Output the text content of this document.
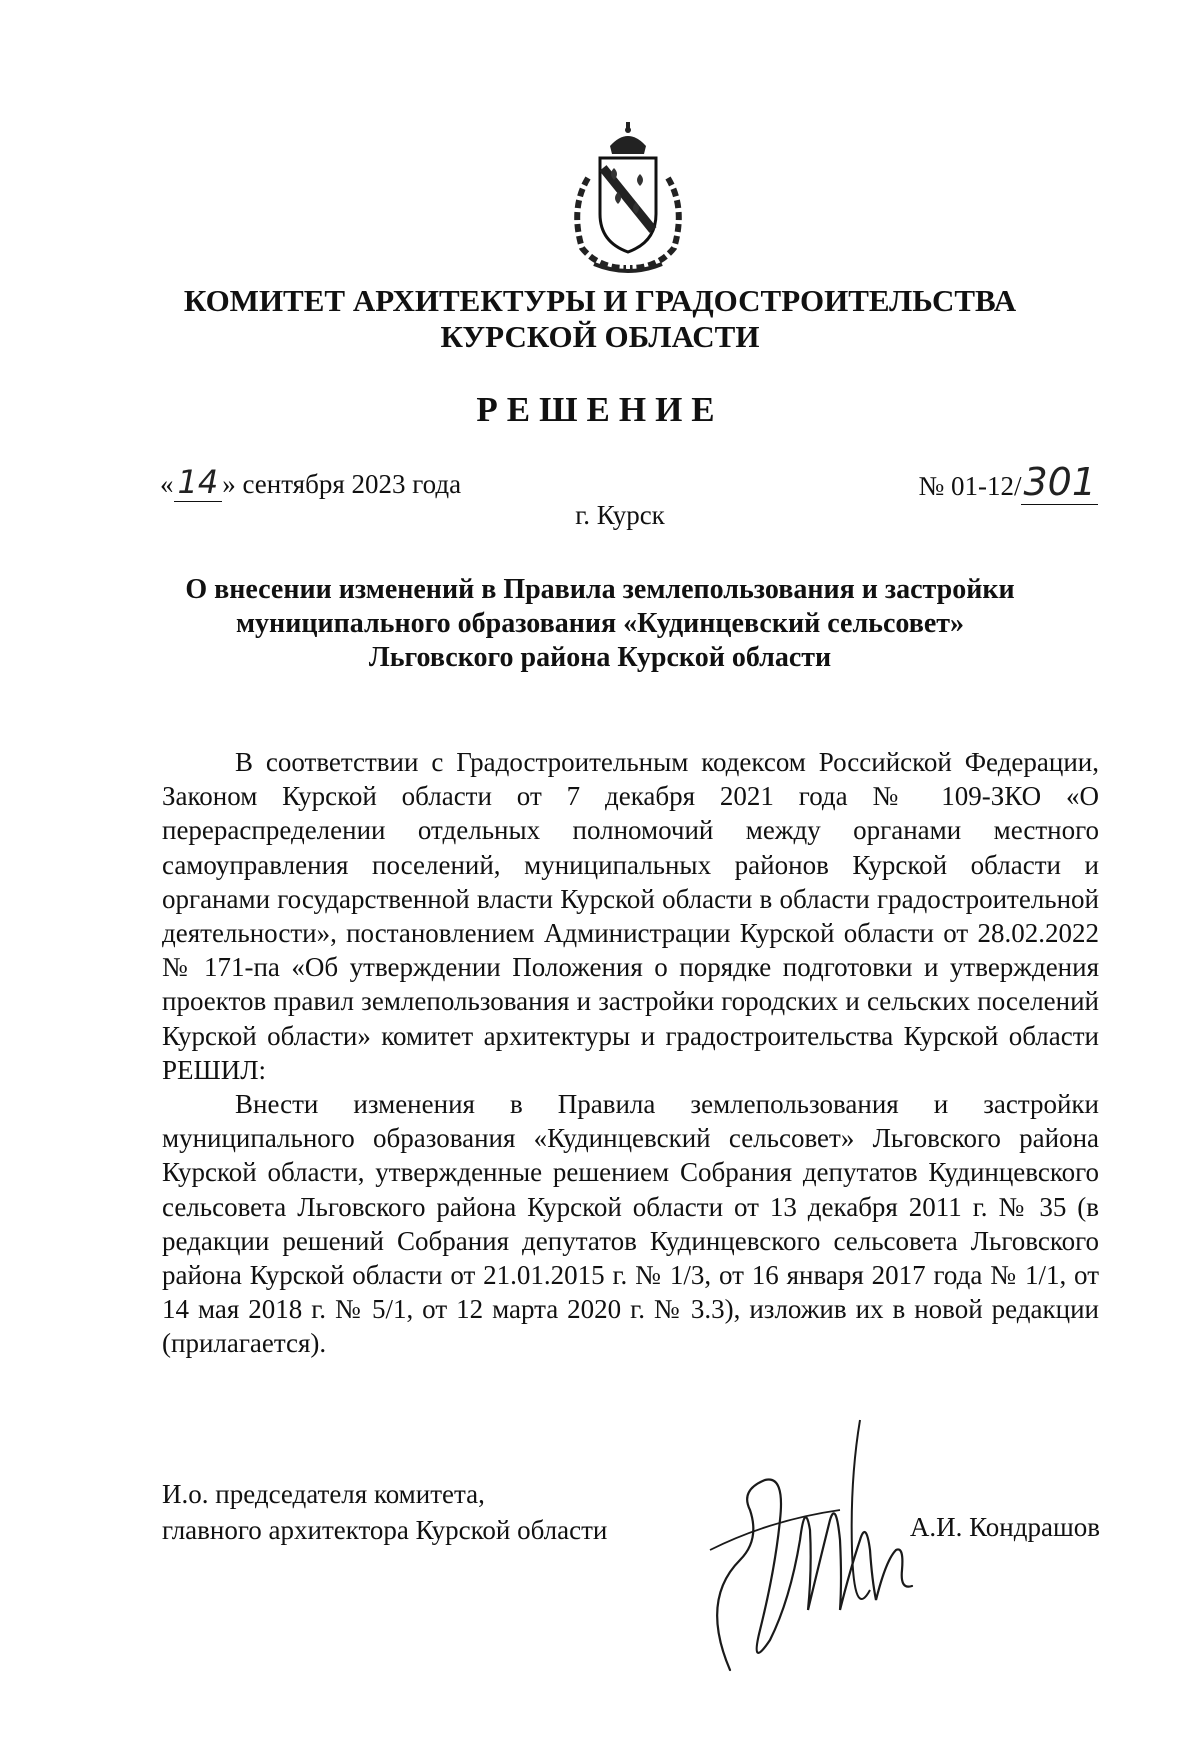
КОМИТЕТ АРХИТЕКТУРЫ И ГРАДОСТРОИТЕЛЬСТВА
КУРСКОЙ ОБЛАСТИ
РЕШЕНИЕ
« 14 » сентября 2023 года	№ 01-12/301
г. Курск
О внесении изменений в Правила землепользования и застройки
муниципального образования «Кудинцевский сельсовет»
Льговского района Курской области

В соответствии с Градостроительным кодексом Российской Федерации, Законом Курской области от 7 декабря 2021 года № 109-ЗКО «О перераспределении отдельных полномочий между органами местного самоуправления поселений, муниципальных районов Курской области и органами государственной власти Курской области в области градостроительной деятельности», постановлением Администрации Курской области от 28.02.2022 № 171-па «Об утверждении Положения о порядке подготовки и утверждения проектов правил землепользования и застройки городских и сельских поселений Курской области» комитет архитектуры и градостроительства Курской области РЕШИЛ:

Внести изменения в Правила землепользования и застройки муниципального образования «Кудинцевский сельсовет» Льговского района Курской области, утвержденные решением Собрания депутатов Кудинцевского сельсовета Льговского района Курской области от 13 декабря 2011 г. № 35 (в редакции решений Собрания депутатов Кудинцевского сельсовета Льговского района Курской области от 21.01.2015 г. № 1/3, от 16 января 2017 года № 1/1, от 14 мая 2018 г. № 5/1, от 12 марта 2020 г. № 3.3), изложив их в новой редакции (прилагается).

И.о. председателя комитета,
главного архитектора Курской области	А.И. Кондрашов
